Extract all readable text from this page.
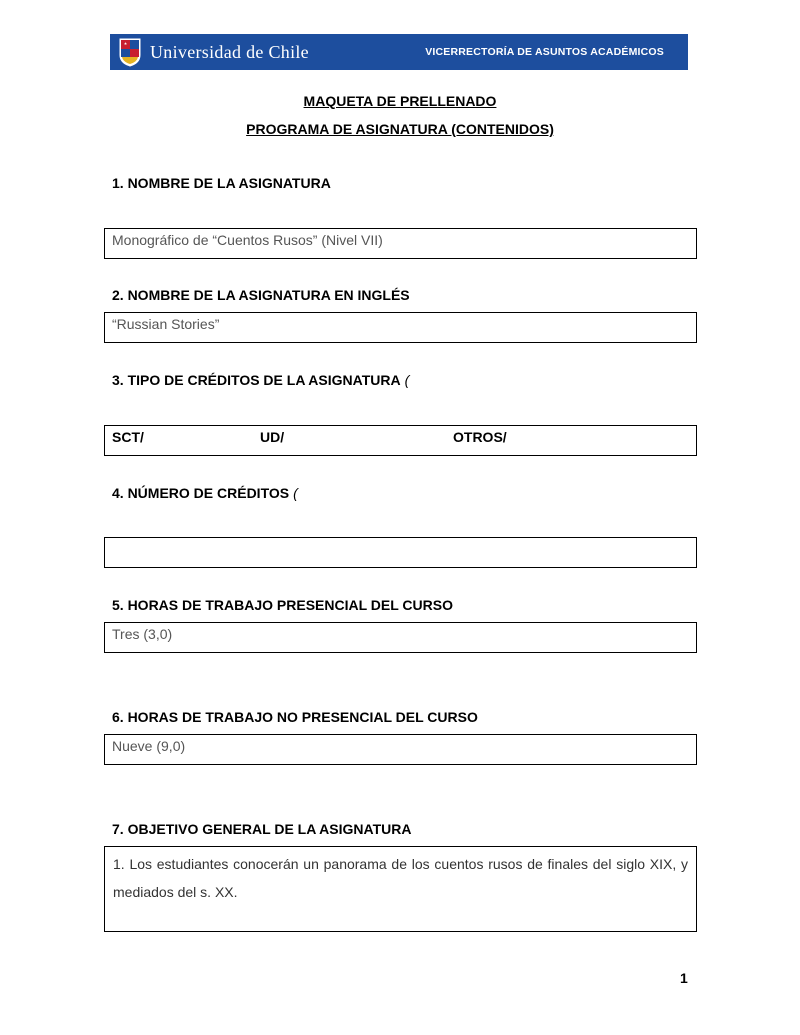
Universidad de Chile	VICERRECTORÍA DE ASUNTOS ACADÉMICOS
MAQUETA DE PRELLENADO
PROGRAMA DE ASIGNATURA (CONTENIDOS)
1. NOMBRE DE LA ASIGNATURA
Monográfico de “Cuentos Rusos” (Nivel VII)
2. NOMBRE DE LA ASIGNATURA EN INGLÉS
“Russian Stories”
3. TIPO DE CRÉDITOS DE LA ASIGNATURA (
SCT/	UD/	OTROS/
4. NÚMERO DE CRÉDITOS (
5. HORAS DE TRABAJO PRESENCIAL DEL CURSO
Tres (3,0)
6. HORAS DE TRABAJO NO PRESENCIAL DEL CURSO
Nueve (9,0)
7. OBJETIVO GENERAL DE LA ASIGNATURA
1. Los estudiantes conocerán un panorama de los cuentos rusos de finales del siglo XIX, y mediados del s. XX.
1
